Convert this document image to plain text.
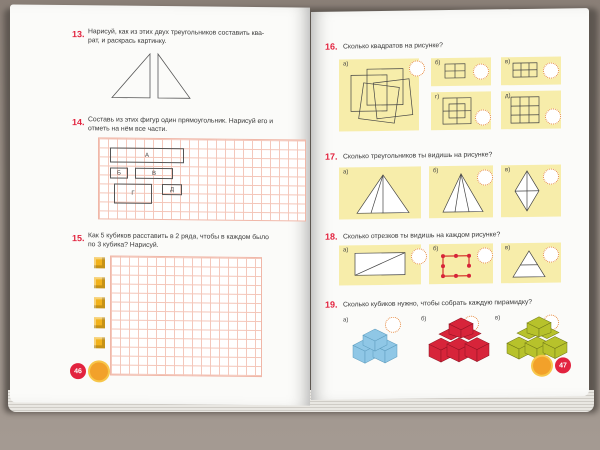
13. Нарисуй, как из этих двух треугольников составить ква-
рат, и раскрась картинку.
14. Составь из этих фигур один прямоугольник. Нарисуй его и
отметь на нём все части.
А
Б	В
Г
Д
15. Как 5 кубиков расставить в 2 ряда, чтобы в каждом было
по 3 кубика? Нарисуй.
46
16. Сколько квадратов на рисунке?
а)	б)	в)
г)	д)
17. Сколько треугольников ты видишь на рисунке?
а)	б)	в)
18. Сколько отрезков ты видишь на каждом рисунке?
а)	б)	в)
19. Сколько кубиков нужно, чтобы собрать каждую пирамидку?
а)	б)	в)
47
